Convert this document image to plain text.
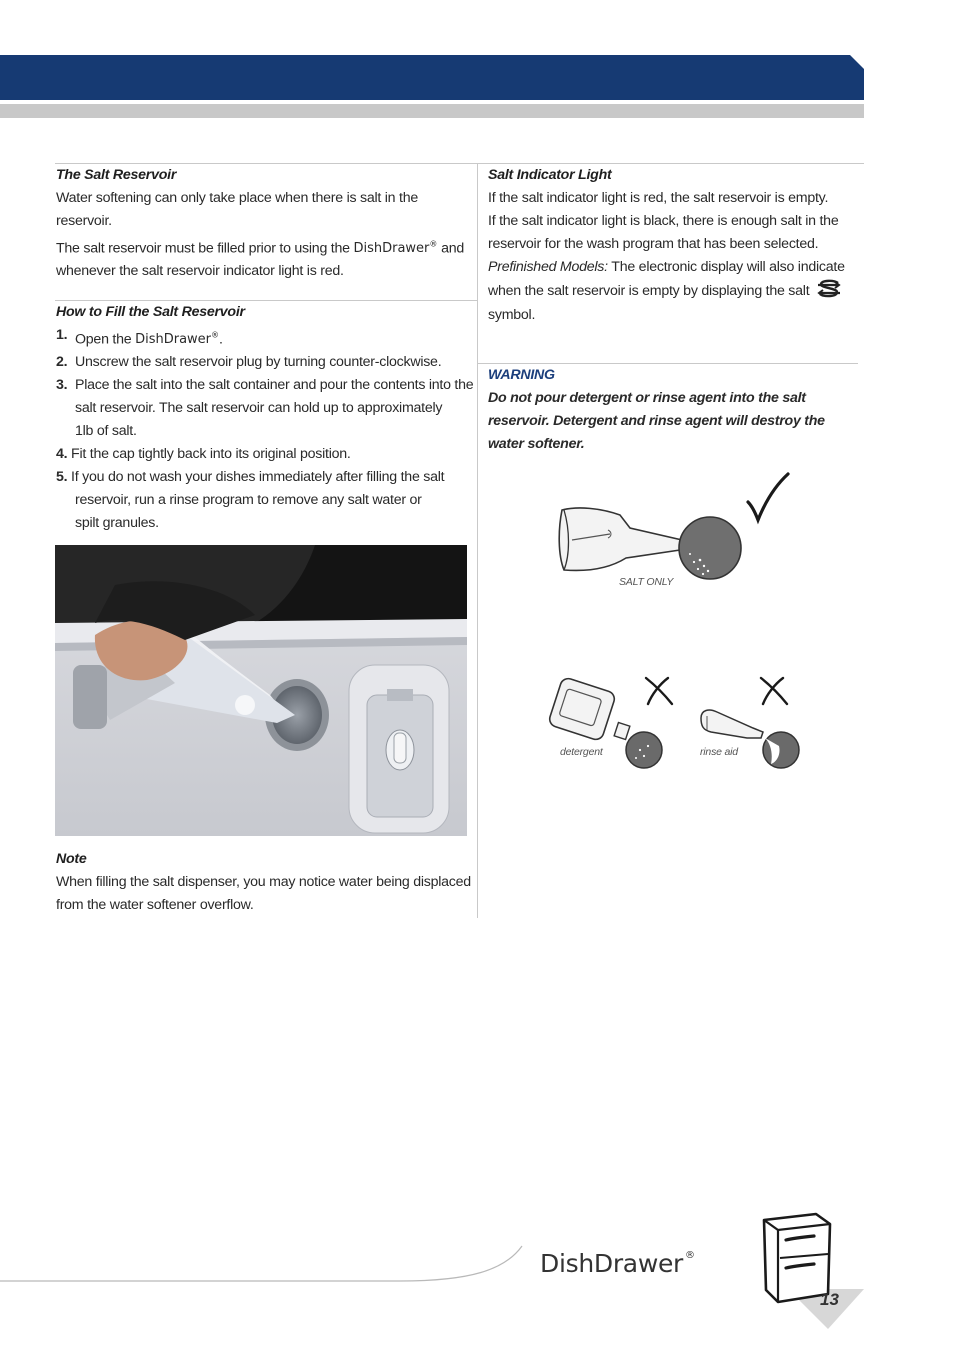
The Salt Reservoir
Water softening can only take place when there is salt in the reservoir.
The salt reservoir must be filled prior to using the DishDrawer® and
whenever the salt reservoir indicator light is red.
How to Fill the Salt Reservoir
1. Open the DishDrawer®.
2. Unscrew the salt reservoir plug by turning counter-clockwise.
3. Place the salt into the salt container and pour the contents into the
salt reservoir. The salt reservoir can hold up to approximately
1lb of salt.
4. Fit the cap tightly back into its original position.
5. If you do not wash your dishes immediately after filling the salt
reservoir, run a rinse program to remove any salt water or
spilt granules.
Note
When filling the salt dispenser, you may notice water being displaced
from the water softener overflow.
Salt Indicator Light
If the salt indicator light is red, the salt reservoir is empty.
If the salt indicator light is black, there is enough salt in the
reservoir for the wash program that has been selected.
Prefinished Models: The electronic display will also indicate
when the salt reservoir is empty by displaying the salt
symbol.
WARNING
Do not pour detergent or rinse agent into the salt
reservoir. Detergent and rinse agent will destroy the
water softener.
SALT ONLY
detergent	rinse aid
DishDrawer ®
13
